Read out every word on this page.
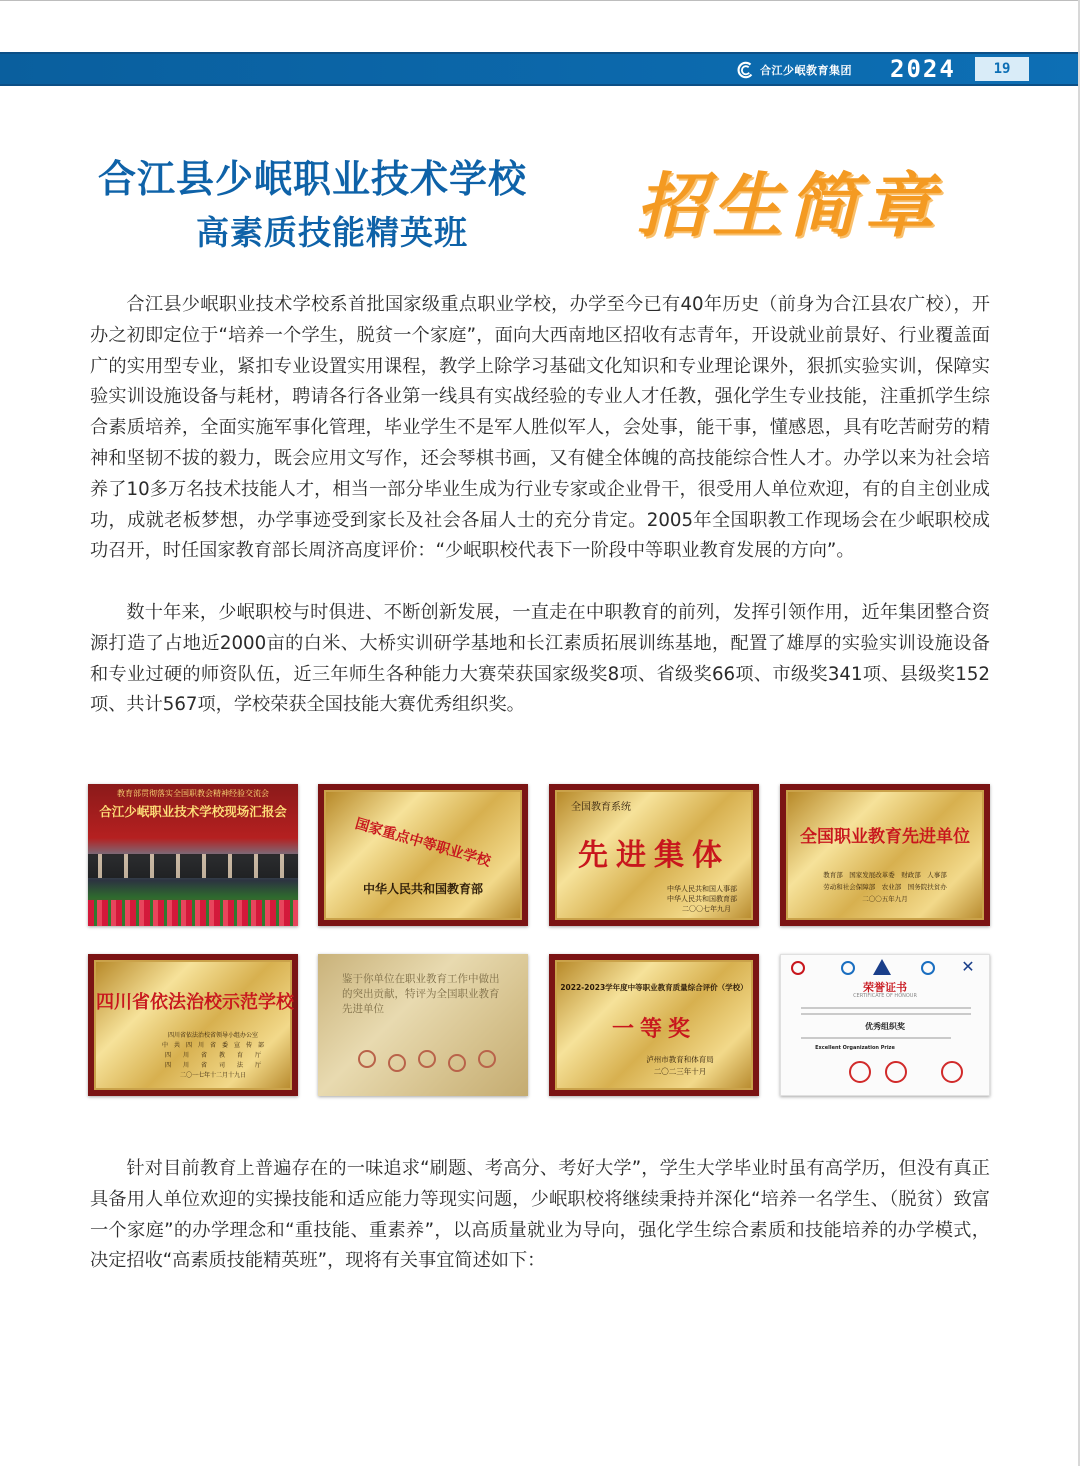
合江少岷教育集团 2024	19
合江县少岷职业技术学校
高素质技能精英班 招生简章

合江县少岷职业技术学校系首批国家级重点职业学校，办学至今已有40年历史（前身为合江县农广校），开办之初即定位于“培养一个学生，脱贫一个家庭”，面向大西南地区招收有志青年，开设就业前景好、行业覆盖面广的实用型专业，紧扣专业设置实用课程，教学上除学习基础文化知识和专业理论课外，狠抓实验实训，保障实验实训设施设备与耗材，聘请各行各业第一线具有实战经验的专业人才任教，强化学生专业技能，注重抓学生综合素质培养，全面实施军事化管理，毕业学生不是军人胜似军人，会处事，能干事，懂感恩，具有吃苦耐劳的精神和坚韧不拔的毅力，既会应用文写作，还会琴棋书画，又有健全体魄的高技能综合性人才。办学以来为社会培养了10多万名技术技能人才，相当一部分毕业生成为行业专家或企业骨干，很受用人单位欢迎，有的自主创业成功，成就老板梦想，办学事迹受到家长及社会各届人士的充分肯定。2005年全国职教工作现场会在少岷职校成功召开，时任国家教育部长周济高度评价：“少岷职校代表下一阶段中等职业教育发展的方向”。

数十年来，少岷职校与时俱进、不断创新发展，一直走在中职教育的前列，发挥引领作用，近年集团整合资源打造了占地近2000亩的白米、大桥实训研学基地和长江素质拓展训练基地，配置了雄厚的实验实训设施设备和专业过硬的师资队伍，近三年师生各种能力大赛荣获国家级奖8项、省级奖66项、市级奖341项、县级奖152项、共计567项，学校荣获全国技能大赛优秀组织奖。

教育部贯彻落实全国职教会精神经验交流会
合江少岷职业技术学校现场汇报会
国家重点中等职业学校
中华人民共和国教育部
全国教育系统
先进集体
中华人民共和国人事部
中华人民共和国教育部
二〇〇七年九月
全国职业教育先进单位
教育部　国家发展改革委　财政部　人事部
劳动和社会保障部　农业部　国务院扶贫办
二〇〇五年九月
四川省依法治校示范学校
四川省依法治校省领导小组办公室
中　共　四　川　省　委　宣　传　部
四　　川　　省　　教　　育　　厅
四　　川　　省　　司　　法　　厅
二〇一七年十二月十九日
鉴于你单位在职业教育工作中做出的突出贡献，特评为全国职业教育先进单位
2022-2023学年度中等职业教育质量综合评价（学校）
一等奖
泸州市教育和体育局
二〇二三年十月
✕
荣誉证书
CERTIFICATE OF HONOUR
优秀组织奖
Excellent Organization Prize

针对目前教育上普遍存在的一味追求“刷题、考高分、考好大学”，学生大学毕业时虽有高学历，但没有真正具备用人单位欢迎的实操技能和适应能力等现实问题，少岷职校将继续秉持并深化“培养一名学生、（脱贫）致富一个家庭”的办学理念和“重技能、重素养”，以高质量就业为导向，强化学生综合素质和技能培养的办学模式，决定招收“高素质技能精英班”，现将有关事宜简述如下：
